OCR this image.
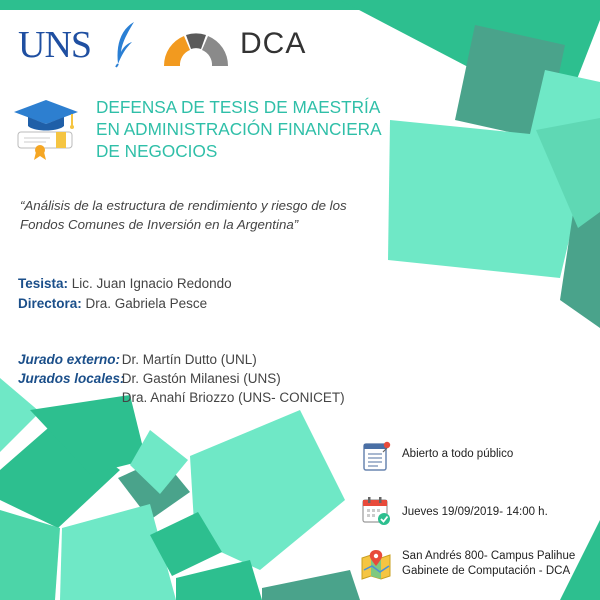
UNS	DCA
DEFENSA DE TESIS DE MAESTRÍA
EN ADMINISTRACIÓN FINANCIERA
DE NEGOCIOS
“Análisis de la estructura de rendimiento y riesgo de los
Fondos Comunes de Inversión en la Argentina”
Tesista: Lic. Juan Ignacio Redondo
Directora: Dra. Gabriela Pesce
Jurado externo: Dr. Martín Dutto (UNL)
Jurados locales: Dr. Gastón Milanesi (UNS)
Dra. Anahí Briozzo (UNS- CONICET)
Abierto a todo público
Jueves 19/09/2019- 14:00 h.
San Andrés 800- Campus Palihue
Gabinete de Computación - DCA
